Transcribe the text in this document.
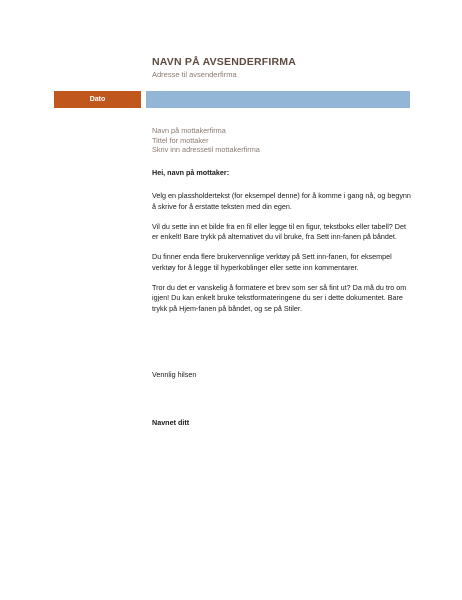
NAVN PÅ AVSENDERFIRMA
Adresse til avsenderfirma
Dato
Navn på mottakerfirma
Tittel for mottaker
Skriv inn adressetil mottakerfirma
Hei, navn på mottaker:

Velg en plassholdertekst (for eksempel denne) for å komme i gang nå, og begynn å skrive for å erstatte teksten med din egen.

Vil du sette inn et bilde fra en fil eller legge til en figur, tekstboks eller tabell? Det er enkelt! Bare trykk på alternativet du vil bruke, fra Sett inn-fanen på båndet.

Du finner enda flere brukervennlige verktøy på Sett inn-fanen, for eksempel verktøy for å legge til hyperkoblinger eller sette inn kommentarer.

Tror du det er vanskelig å formatere et brev som ser så fint ut? Da må du tro om igjen! Du kan enkelt bruke tekstformateringene du ser i dette dokumentet. Bare trykk på Hjem-fanen på båndet, og se på Stiler.

Vennlig hilsen
Navnet ditt
